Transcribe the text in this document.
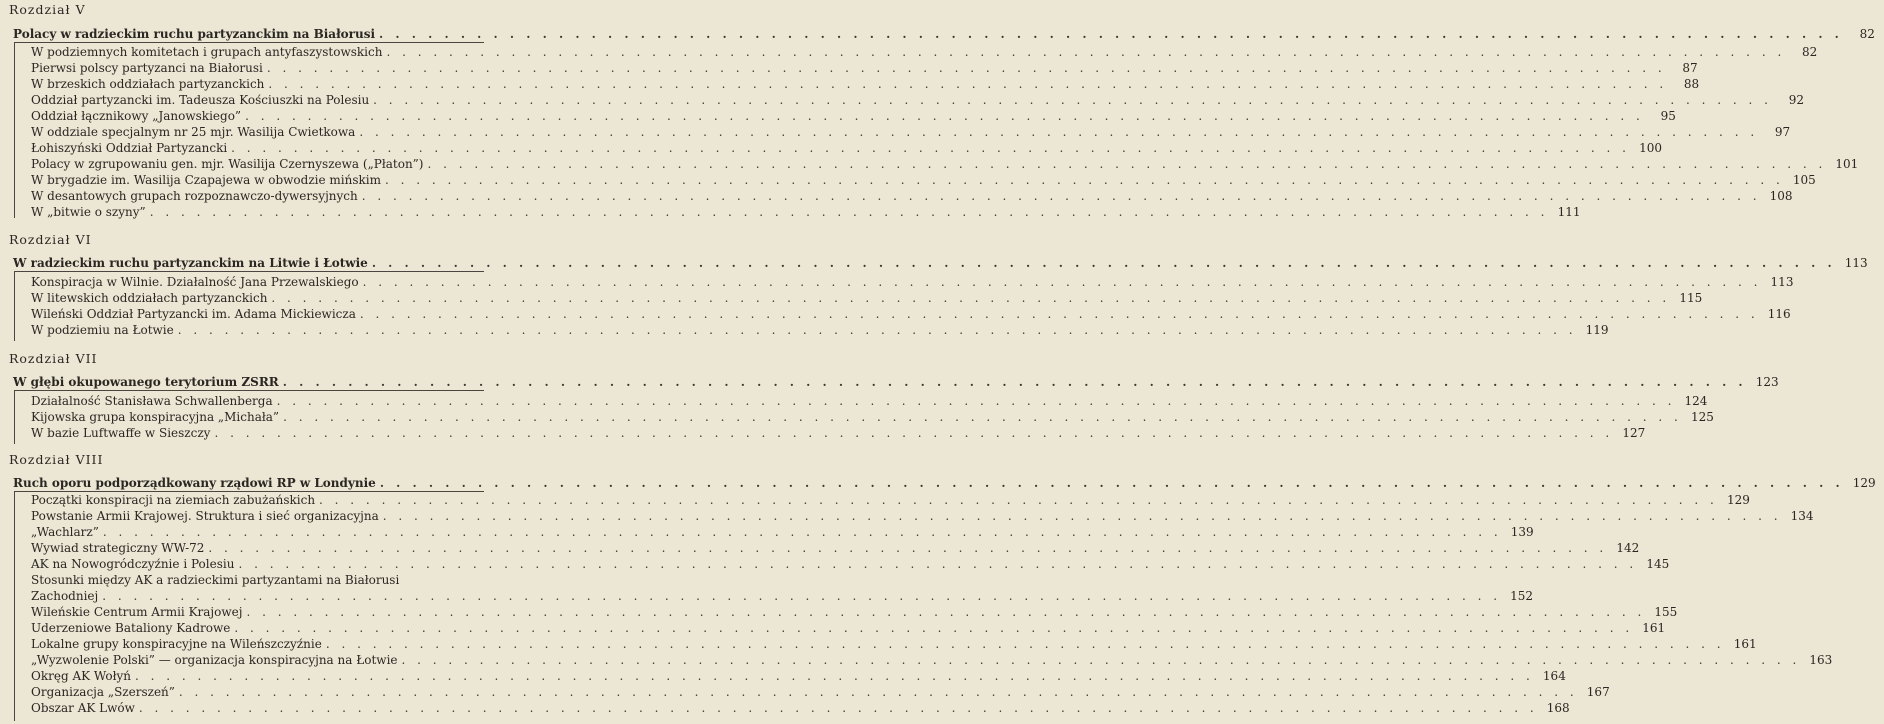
Rozdział V
Polacy w radzieckim ruchu partyzanckim na Białorusi . . .	82
W podziemnych komitetach i grupach antyfaszystowskich . . .	82
Pierwsi polscy partyzanci na Białorusi . . .	87
W brzeskich oddziałach partyzanckich . . .	88
Oddział partyzancki im. Tadeusza Kościuszki na Polesiu . . .	92
Oddział łącznikowy „Janowskiego” . . .	95
W oddziale specjalnym nr 25 mjr. Wasilija Cwietkowa . . .	97
Łohiszyński Oddział Partyzancki . . .	100
Polacy w zgrupowaniu gen. mjr. Wasilija Czernyszewa („Płaton”) . . .	101
W brygadzie im. Wasilija Czapajewa w obwodzie mińskim . . .	105
W desantowych grupach rozpoznawczo-dywersyjnych . . .	108
W „bitwie o szyny” . . .	111
Rozdział VI
W radzieckim ruchu partyzanckim na Litwie i Łotwie . . .	113
Konspiracja w Wilnie. Działalność Jana Przewalskiego . . .	113
W litewskich oddziałach partyzanckich . . .	115
Wileński Oddział Partyzancki im. Adama Mickiewicza . . .	116
W podziemiu na Łotwie . . .	119
Rozdział VII
W głębi okupowanego terytorium ZSRR . . .	123
Działalność Stanisława Schwallenberga . . .	124
Kijowska grupa konspiracyjna „Michała” . . .	125
W bazie Luftwaffe w Sieszczy . . .	127
Rozdział VIII
Ruch oporu podporządkowany rządowi RP w Londynie . . .	129
Początki konspiracji na ziemiach zabużańskich . . .	129
Powstanie Armii Krajowej. Struktura i sieć organizacyjna . . .	134
„Wachlarz” . . .	139
Wywiad strategiczny WW-72 . . .	142
AK na Nowogródczyźnie i Polesiu . . .	145
Stosunki między AK a radzieckimi partyzantami na Białorusi
Zachodniej . . .	152
Wileńskie Centrum Armii Krajowej . . .	155
Uderzeniowe Bataliony Kadrowe . . .	161
Lokalne grupy konspiracyjne na Wileńszczyźnie . . .	161
„Wyzwolenie Polski” — organizacja konspiracyjna na Łotwie . . .	163
Okręg AK Wołyń . . .	164
Organizacja „Szerszeń” . . .	167
Obszar AK Lwów . . .	168
